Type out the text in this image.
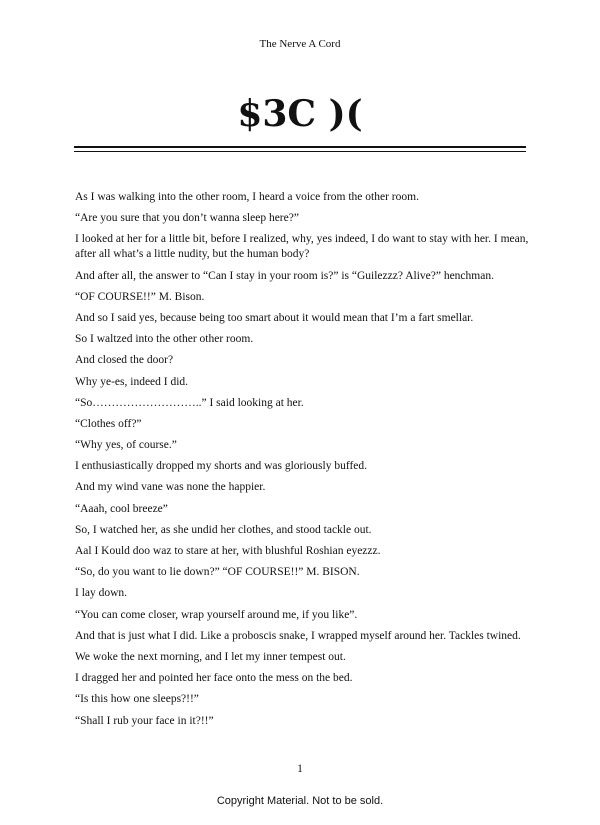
The Nerve A Cord
$3C )(

As I was walking into the other room, I heard a voice from the other room.

“Are you sure that you don’t wanna sleep here?”

I looked at her for a little bit, before I realized, why, yes indeed, I do want to stay with her. I mean, after all what’s a little nudity, but the human body?

And after all, the answer to “Can I stay in your room is?” is “Guilezzz? Alive?” henchman.

“OF COURSE!!” M. Bison.

And so I said yes, because being too smart about it would mean that I’m a fart smellar.

So I waltzed into the other other room.

And closed the door?

Why ye-es, indeed I did.

“So………………………..” I said looking at her.

“Clothes off?”

“Why yes, of course.”

I enthusiastically dropped my shorts and was gloriously buffed.

And my wind vane was none the happier.

“Aaah, cool breeze”

So, I watched her, as she undid her clothes, and stood tackle out.

Aal I Kould doo waz to stare at her, with blushful Roshian eyezzz.

“So, do you want to lie down?” “OF COURSE!!” M. BISON.

I lay down.

“You can come closer, wrap yourself around me, if you like”.

And that is just what I did. Like a proboscis snake, I wrapped myself around her. Tackles twined.

We woke the next morning, and I let my inner tempest out.

I dragged her and pointed her face onto the mess on the bed.

“Is this how one sleeps?!!”

“Shall I rub your face in it?!!”

1
Copyright Material. Not to be sold.
